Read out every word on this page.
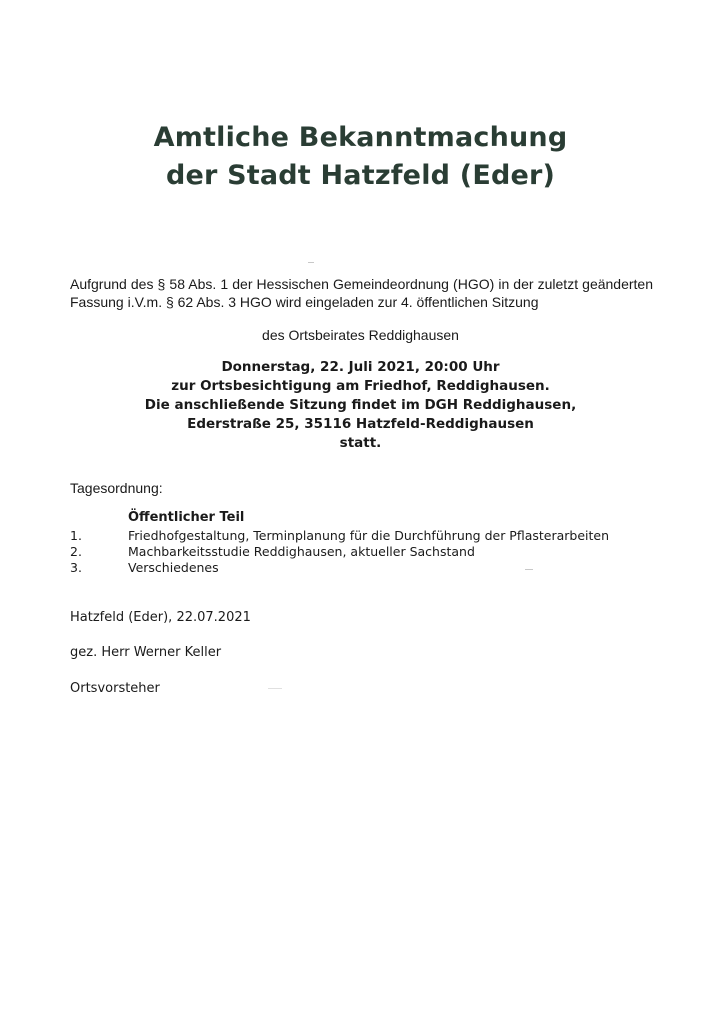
Amtliche Bekanntmachung
der Stadt Hatzfeld (Eder)
Aufgrund des § 58 Abs. 1 der Hessischen Gemeindeordnung (HGO) in der zuletzt geänderten Fassung i.V.m. § 62 Abs. 3 HGO wird eingeladen zur 4. öffentlichen Sitzung
des Ortsbeirates Reddighausen
Donnerstag, 22. Juli 2021, 20:00 Uhr
zur Ortsbesichtigung am Friedhof, Reddighausen.
Die anschließende Sitzung findet im DGH Reddighausen,
Ederstraße 25, 35116 Hatzfeld-Reddighausen
statt.
Tagesordnung:
Öffentlicher Teil
1.	Friedhofgestaltung, Terminplanung für die Durchführung der Pflasterarbeiten
2.	Machbarkeitsstudie Reddighausen, aktueller Sachstand
3.	Verschiedenes
Hatzfeld (Eder), 22.07.2021
gez. Herr Werner Keller
Ortsvorsteher
